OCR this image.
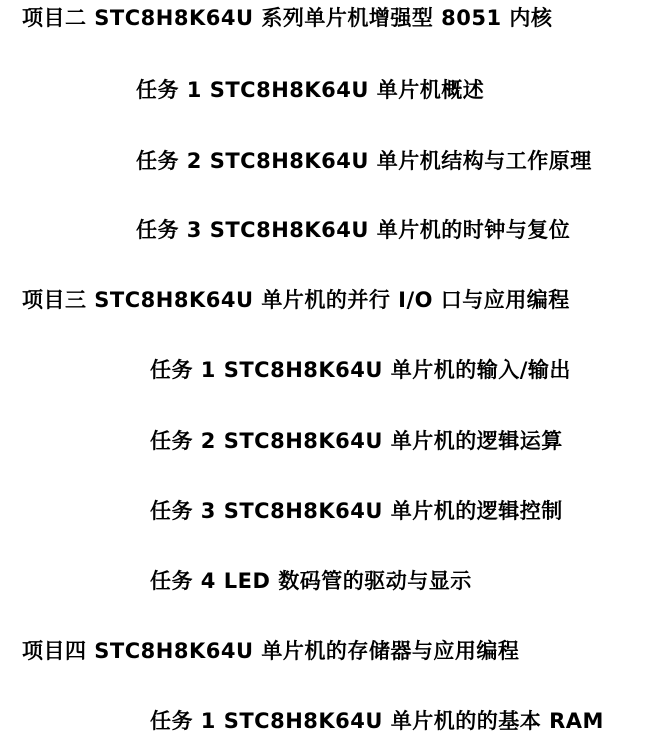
项目二 STC8H8K64U 系列单片机增强型 8051 内核
任务 1 STC8H8K64U 单片机概述
任务 2 STC8H8K64U 单片机结构与工作原理
任务 3 STC8H8K64U 单片机的时钟与复位
项目三 STC8H8K64U 单片机的并行 I/O 口与应用编程
任务 1 STC8H8K64U 单片机的输入/输出
任务 2 STC8H8K64U 单片机的逻辑运算
任务 3 STC8H8K64U 单片机的逻辑控制
任务 4 LED 数码管的驱动与显示
项目四 STC8H8K64U 单片机的存储器与应用编程
任务 1 STC8H8K64U 单片机的的基本 RAM
